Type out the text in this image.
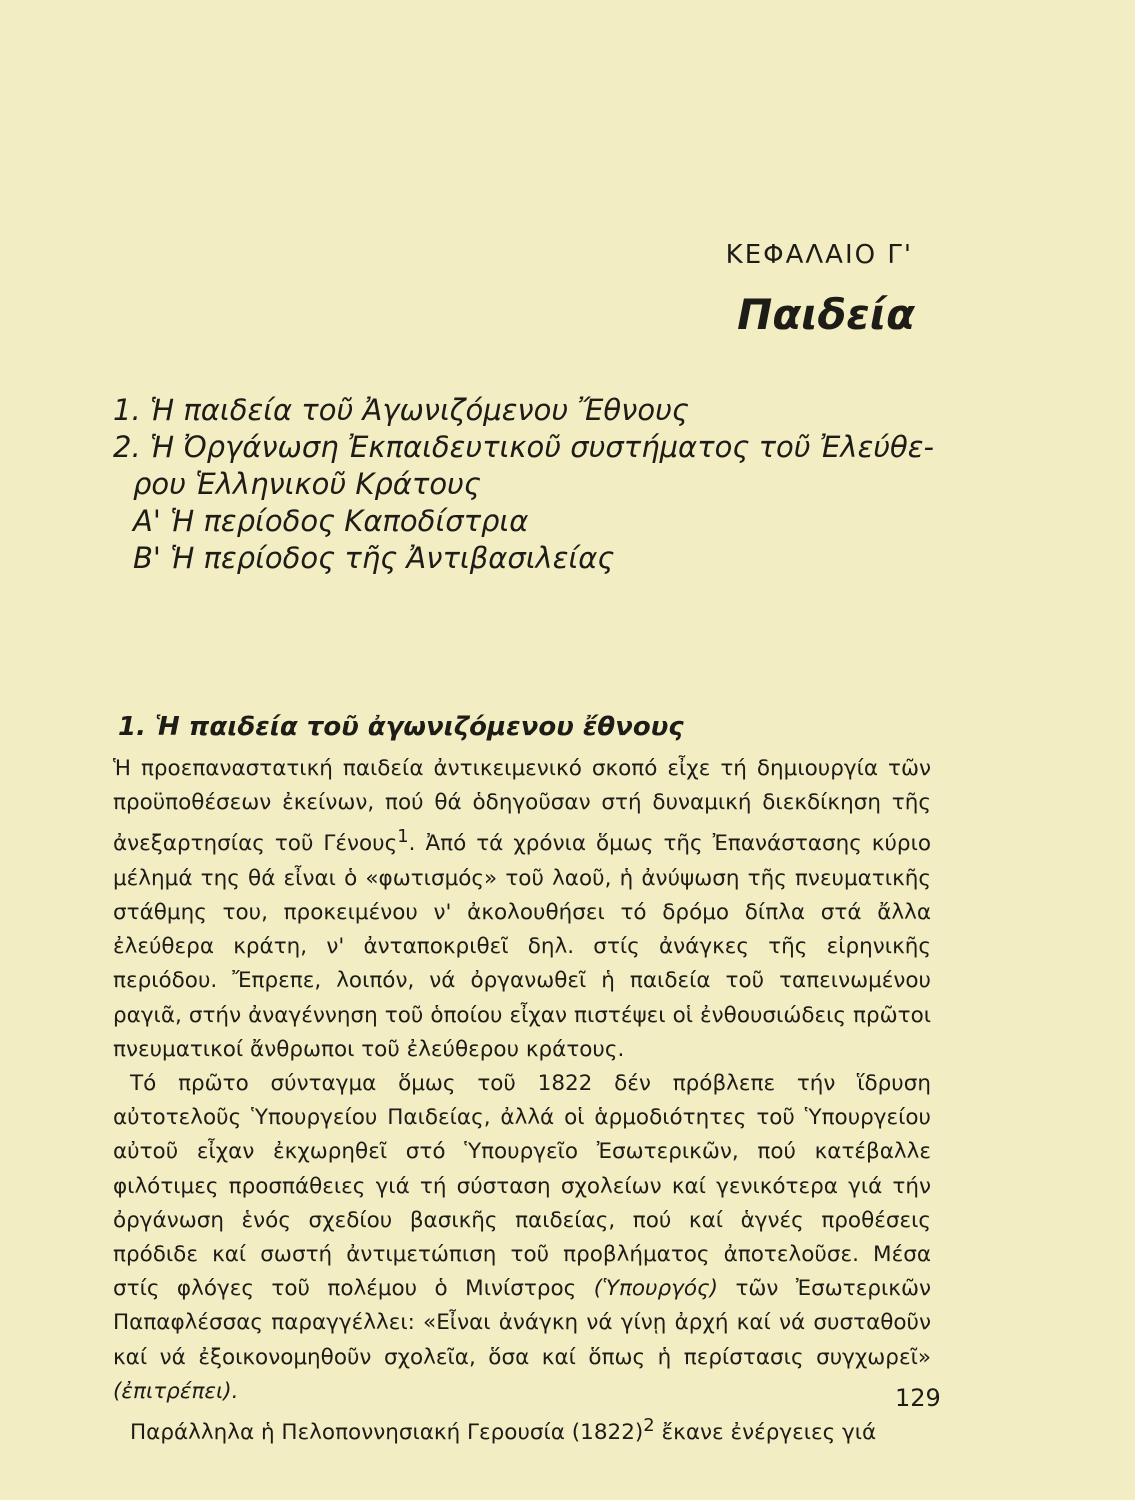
ΚΕΦΑΛΑΙΟ Γ'
Παιδεία
1. Ἡ παιδεία τοῦ Ἀγωνιζόμενου Ἔθνους
2. Ἡ Ὀργάνωση Ἐκπαιδευτικοῦ συστήματος τοῦ Ἐλεύθε-
ρου Ἑλληνικοῦ Κράτους
Α' Ἡ περίοδος Καποδίστρια
Β' Ἡ περίοδος τῆς Ἀντιβασιλείας
1. Ἡ παιδεία τοῦ ἀγωνιζόμενου ἔθνους

Ἡ προεπαναστατική παιδεία ἀντικειμενικό σκοπό εἶχε τή δημιουργία τῶν προϋποθέσεων ἐκείνων, πού θά ὁδηγοῦσαν στή δυναμική διεκδίκηση τῆς ἀνεξαρτησίας τοῦ Γένους$^1$. Ἀπό τά χρόνια ὅμως τῆς Ἐπανάστασης κύριο μέλημά της θά εἶναι ὁ «φωτισμός» τοῦ λαοῦ, ἡ ἀνύψωση τῆς πνευματικῆς στάθμης του, προκειμένου ν' ἀκολουθήσει τό δρόμο δίπλα στά ἄλλα ἐλεύθερα κράτη, ν' ἀνταποκριθεῖ δηλ. στίς ἀνάγκες τῆς εἰρηνικῆς περιόδου. Ἔπρεπε, λοιπόν, νά ὀργανωθεῖ ἡ παιδεία τοῦ ταπεινωμένου ραγιᾶ, στήν ἀναγέννηση τοῦ ὁποίου εἶχαν πιστέψει οἱ ἐνθουσιώδεις πρῶτοι πνευματικοί ἄνθρωποι τοῦ ἐλεύθερου κράτους.

Τό πρῶτο σύνταγμα ὅμως τοῦ 1822 δέν πρόβλεπε τήν ἵδρυση αὐτοτελοῦς Ὑπουργείου Παιδείας, ἀλλά οἱ ἁρμοδιότητες τοῦ Ὑπουργείου αὐτοῦ εἶχαν ἐκχωρηθεῖ στό Ὑπουργεῖο Ἐσωτερικῶν, πού κατέβαλλε φιλότιμες προσπάθειες γιά τή σύσταση σχολείων καί γενικότερα γιά τήν ὀργάνωση ἑνός σχεδίου βασικῆς παιδείας, πού καί ἁγνές προθέσεις πρόδιδε καί σωστή ἀντιμετώπιση τοῦ προβλήματος ἀποτελοῦσε. Μέσα στίς φλόγες τοῦ πολέμου ὁ Μινίστρος (Ὑπουργός) τῶν Ἐσωτερικῶν Παπαφλέσσας παραγγέλλει: «Εἶναι ἀνάγκη νά γίνῃ ἀρχή καί νά συσταθοῦν καί νά ἐξοικονομηθοῦν σχολεῖα, ὅσα καί ὅπως ἡ περίστασις συγχωρεῖ» (ἐπιτρέπει).

Παράλληλα ἡ Πελοποννησιακή Γερουσία $(1822)^2$ ἔκανε ἐνέργειες γιά

129
